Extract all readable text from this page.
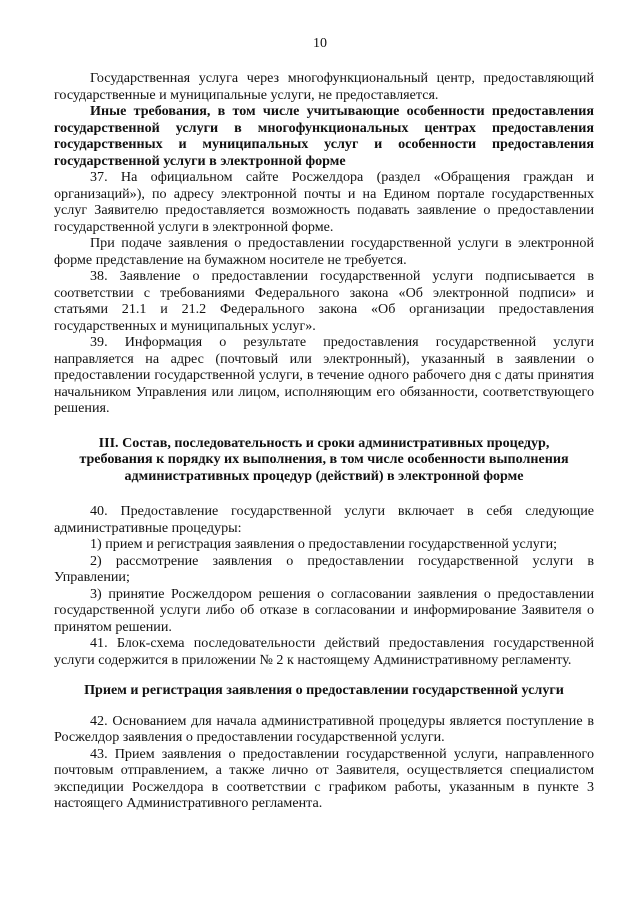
10

Государственная услуга через многофункциональный центр, предоставляющий государственные и муниципальные услуги, не предоставляется.

Иные требования, в том числе учитывающие особенности предоставления государственной услуги в многофункциональных центрах предоставления государственных и муниципальных услуг и особенности предоставления государственной услуги в электронной форме

37. На официальном сайте Росжелдора (раздел «Обращения граждан и организаций»), по адресу электронной почты и на Едином портале государственных услуг Заявителю предоставляется возможность подавать заявление о предоставлении государственной услуги в электронной форме.

При подаче заявления о предоставлении государственной услуги в электронной форме представление на бумажном носителе не требуется.

38. Заявление о предоставлении государственной услуги подписывается в соответствии с требованиями Федерального закона «Об электронной подписи» и статьями 21.1 и 21.2 Федерального закона «Об организации предоставления государственных и муниципальных услуг».

39. Информация о результате предоставления государственной услуги направляется на адрес (почтовый или электронный), указанный в заявлении о предоставлении государственной услуги, в течение одного рабочего дня с даты принятия начальником Управления или лицом, исполняющим его обязанности, соответствующего решения.

III. Состав, последовательность и сроки административных процедур, требования к порядку их выполнения, в том числе особенности выполнения административных процедур (действий) в электронной форме

40. Предоставление государственной услуги включает в себя следующие административные процедуры:

1) прием и регистрация заявления о предоставлении государственной услуги;

2) рассмотрение заявления о предоставлении государственной услуги в Управлении;

3) принятие Росжелдором решения о согласовании заявления о предоставлении государственной услуги либо об отказе в согласовании и информирование Заявителя о принятом решении.

41. Блок-схема последовательности действий предоставления государственной услуги содержится в приложении № 2 к настоящему Административному регламенту.

Прием и регистрация заявления о предоставлении государственной услуги

42. Основанием для начала административной процедуры является поступление в Росжелдор заявления о предоставлении государственной услуги.

43. Прием заявления о предоставлении государственной услуги, направленного почтовым отправлением, а также лично от Заявителя, осуществляется специалистом экспедиции Росжелдора в соответствии с графиком работы, указанным в пункте 3 настоящего Административного регламента.
